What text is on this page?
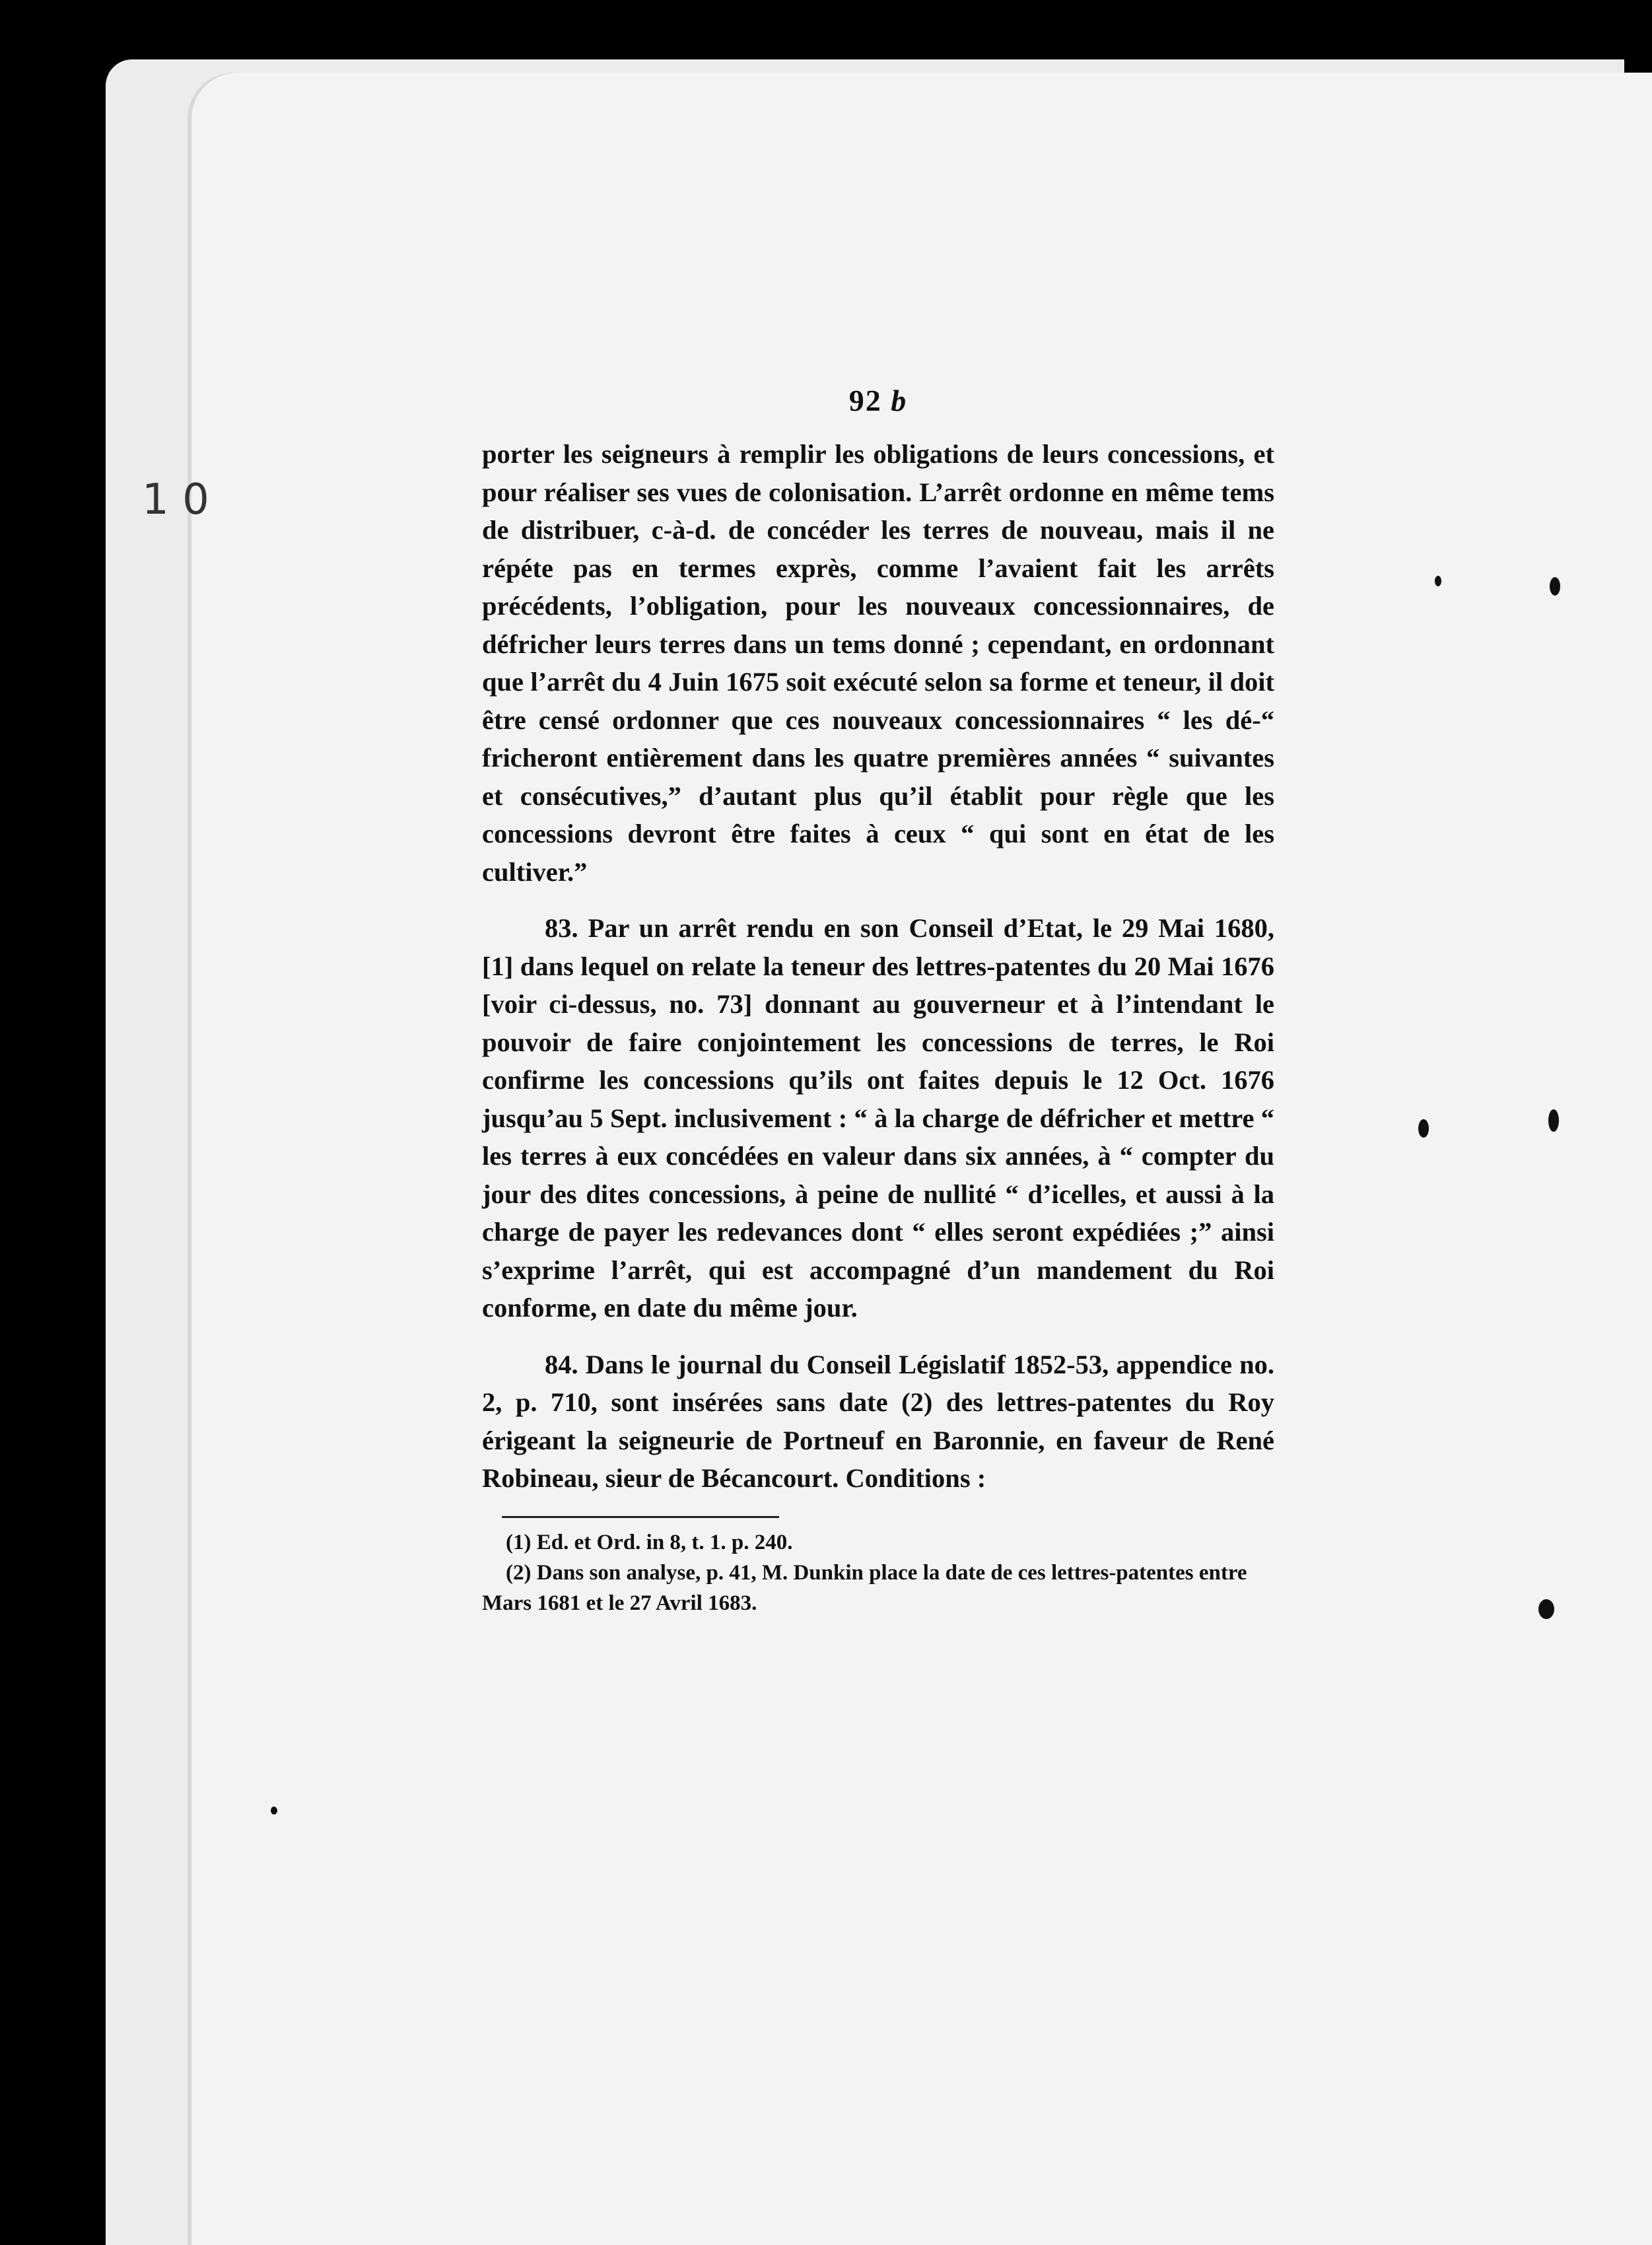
1 0
92 b

porter les seigneurs à remplir les obligations de leurs concessions, et pour réaliser ses vues de colonisation. L’arrêt ordonne en même tems de distribuer, c-à-d. de concéder les terres de nouveau, mais il ne répéte pas en termes exprès, comme l’avaient fait les arrêts précédents, l’obligation, pour les nouveaux concessionnaires, de défricher leurs terres dans un tems donné ; cependant, en ordonnant que l’arrêt du 4 Juin 1675 soit exécuté selon sa forme et teneur, il doit être censé ordonner que ces nouveaux concessionnaires “ les dé-“ fricheront entièrement dans les quatre premières années “ suivantes et consécutives,” d’autant plus qu’il établit pour règle que les concessions devront être faites à ceux “ qui sont en état de les cultiver.”

83. Par un arrêt rendu en son Conseil d’Etat, le 29 Mai 1680, [1] dans lequel on relate la teneur des lettres-patentes du 20 Mai 1676 [voir ci-dessus, no. 73] donnant au gouverneur et à l’intendant le pouvoir de faire conjointement les concessions de terres, le Roi confirme les concessions qu’ils ont faites depuis le 12 Oct. 1676 jusqu’au 5 Sept. inclusivement : “ à la charge de défricher et mettre “ les terres à eux concédées en valeur dans six années, à “ compter du jour des dites concessions, à peine de nullité “ d’icelles, et aussi à la charge de payer les redevances dont “ elles seront expédiées ;” ainsi s’exprime l’arrêt, qui est accompagné d’un mandement du Roi conforme, en date du même jour.

84. Dans le journal du Conseil Législatif 1852-53, appendice no. 2, p. 710, sont insérées sans date (2) des lettres-patentes du Roy érigeant la seigneurie de Portneuf en Baronnie, en faveur de René Robineau, sieur de Bécancourt. Conditions :

(1) Ed. et Ord. in 8, t. 1. p. 240.

(2) Dans son analyse, p. 41, M. Dunkin place la date de ces lettres-patentes entre Mars 1681 et le 27 Avril 1683.
